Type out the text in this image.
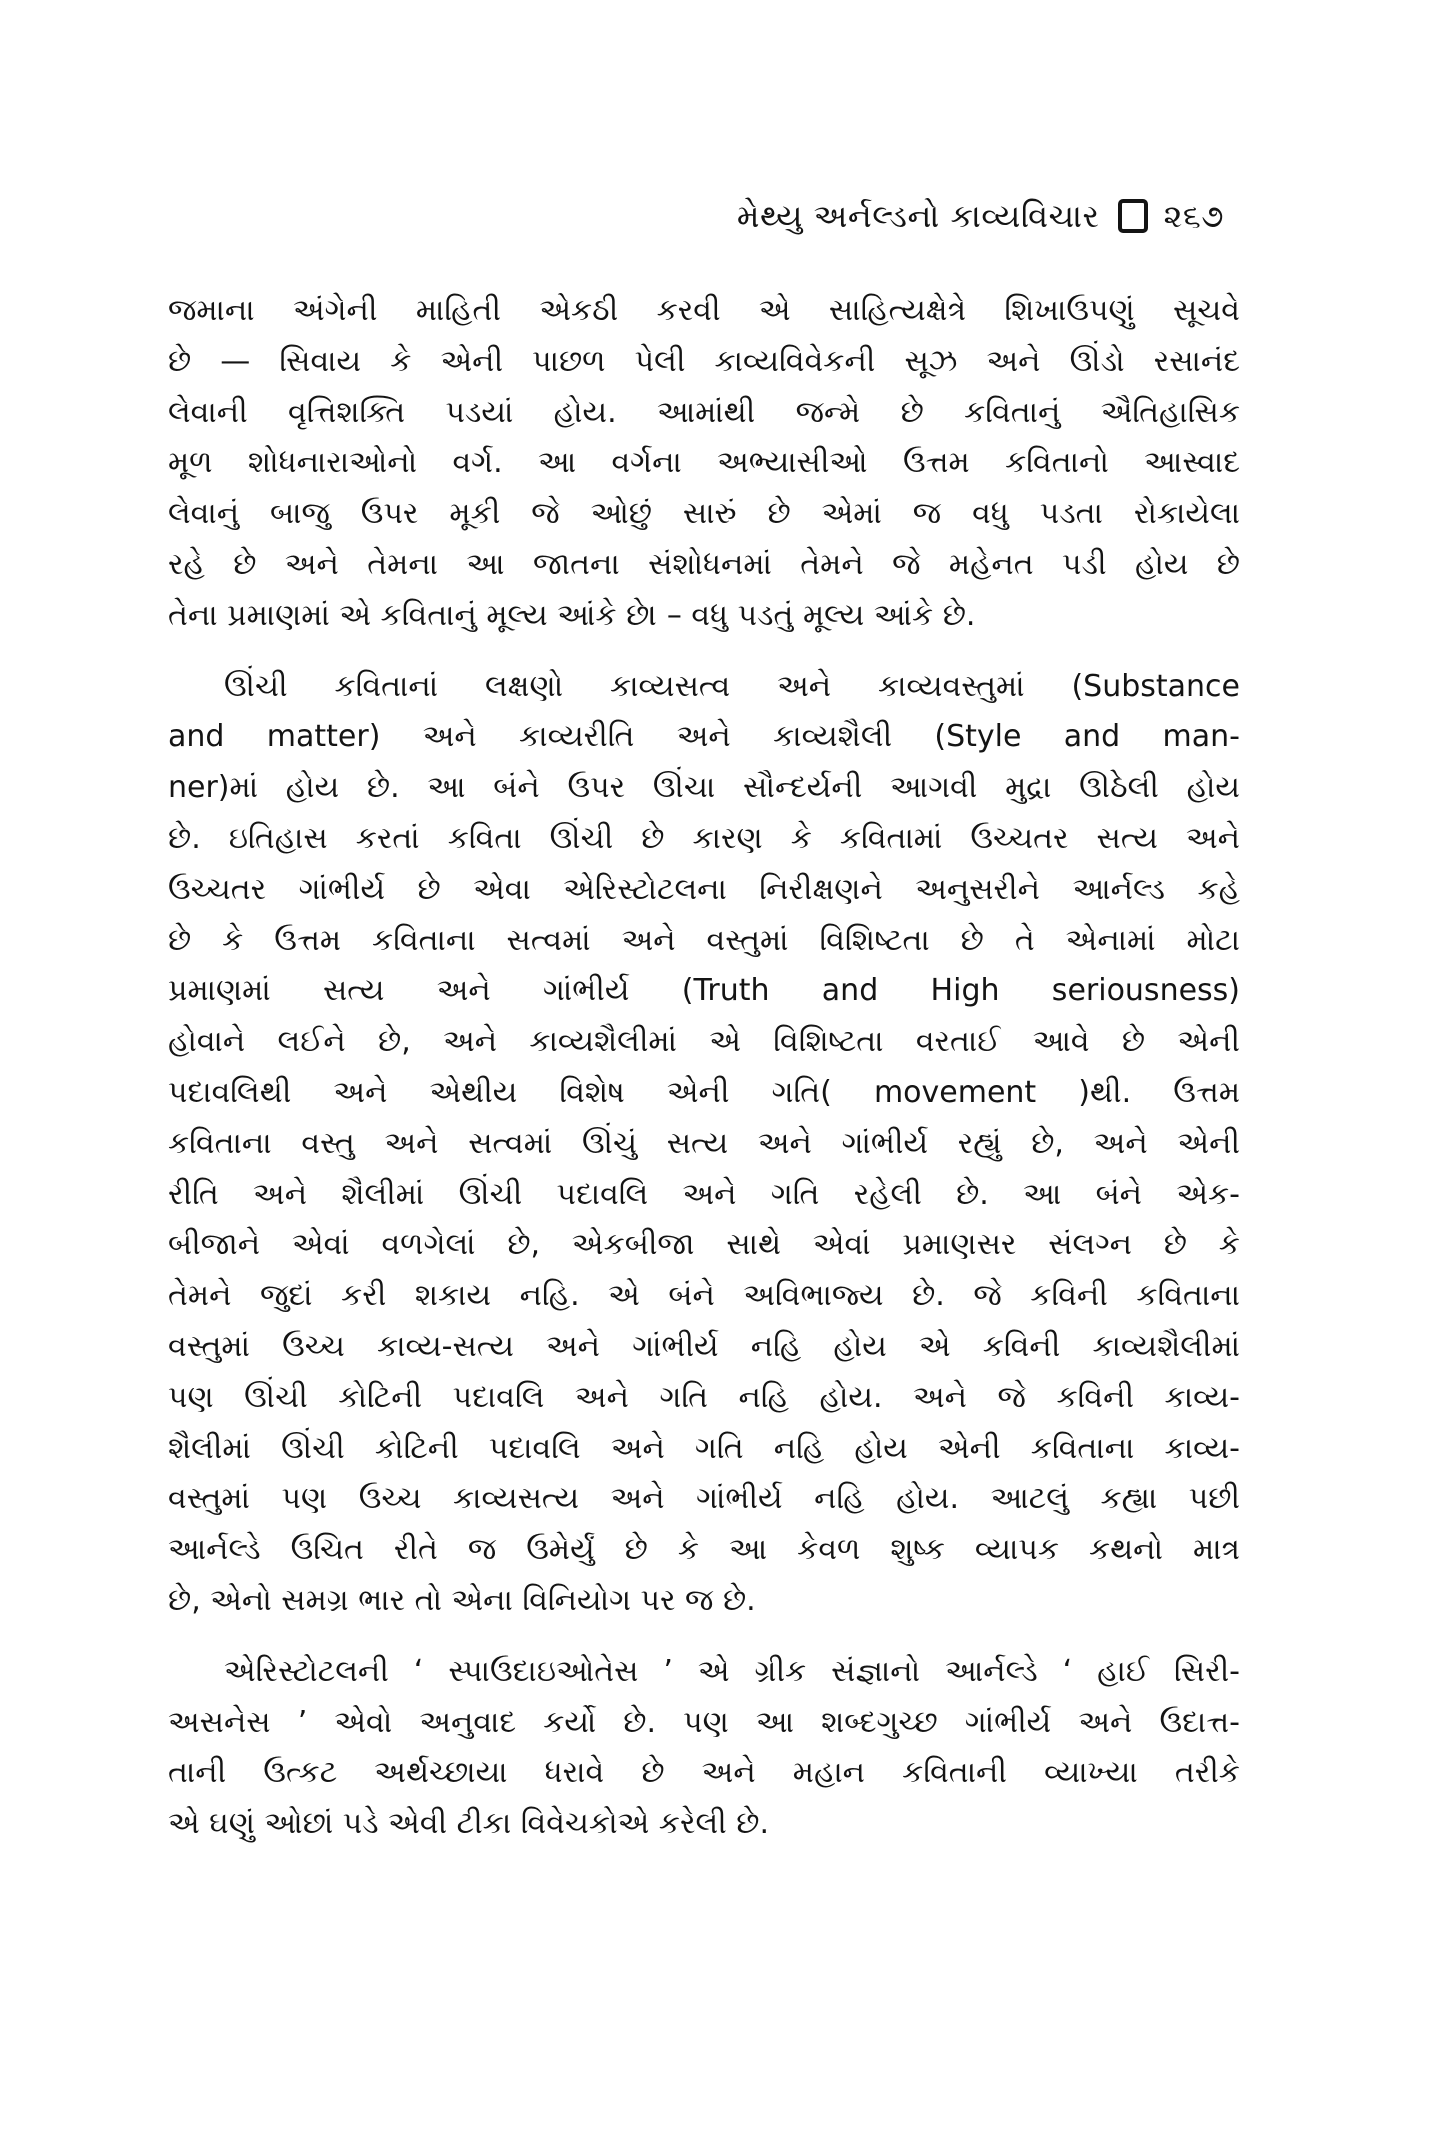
મેથ્યુ અર્નલ્ડનો કાવ્યવિચાર ૨૬૭

જમાના અંગેની માહિતી એકઠી કરવી એ સાહિત્યક્ષેત્રે શિખાઉપણું સૂચવે
છે — સિવાય કે એની પાછળ પેલી કાવ્યવિવેકની સૂઝ અને ઊંડો રસાનંદ
લેવાની વૃત્તિશક્તિ પડયાં હોય. આમાંથી જન્મે છે કવિતાનું ઐતિહાસિક
મૂળ શોધનારાઓનો વર્ગ. આ વર્ગના અભ્યાસીઓ ઉત્તમ કવિતાનો આસ્વાદ
લેવાનું બાજુ ઉપર મૂકી જે ઓછું સારું છે એમાં જ વધુ પડતા રોકાયેલા
રહે છે અને તેમના આ જાતના સંશોધનમાં તેમને જે મહેનત પડી હોય છે
તેના પ્રમાણમાં એ કવિતાનું મૂલ્ય આંકે છે। – વધુ પડતું મૂલ્ય આંકે છે.

ઊંચી કવિતાનાં લક્ષણો કાવ્યસત્વ અને કાવ્યવસ્તુમાં (Substance
and matter) અને કાવ્યરીતિ અને કાવ્યશૈલી (Style and man-
ner)માં હોય છે. આ બંને ઉપર ઊંચા સૌન્દર્યની આગવી મુદ્રા ઊઠેલી હોય
છે. ઇતિહાસ કરતાં કવિતા ઊંચી છે કારણ કે કવિતામાં ઉચ્ચતર સત્ય અને
ઉચ્ચતર ગાંભીર્ય છે એવા એરિસ્ટોટલના નિરીક્ષણને અનુસરીને આર્નલ્ડ કહે
છે કે ઉત્તમ કવિતાના સત્વમાં અને વસ્તુમાં વિશિષ્ટતા છે તે એનામાં મોટા
પ્રમાણમાં સત્ય અને ગાંભીર્ય (Truth and High seriousness)
હોવાને લઈને છે, અને કાવ્યશૈલીમાં એ વિશિષ્ટતા વરતાઈ આવે છે એની
પદાવલિથી અને એથીય વિશેષ એની ગતિ( movement )થી. ઉત્તમ
કવિતાના વસ્તુ અને સત્વમાં ઊંચું સત્ય અને ગાંભીર્ય રહ્યું છે, અને એની
રીતિ અને શૈલીમાં ઊંચી પદાવલિ અને ગતિ રહેલી છે. આ બંને એક-
બીજાને એવાં વળગેલાં છે, એકબીજા સાથે એવાં પ્રમાણસર સંલગ્ન છે કે
તેમને જુદાં કરી શકાય નહિ. એ બંને અવિભાજ્ય છે. જે કવિની કવિતાના
વસ્તુમાં ઉચ્ચ કાવ્ય-સત્ય અને ગાંભીર્ય નહિ હોય એ કવિની કાવ્યશૈલીમાં
પણ ઊંચી કોટિની પદાવલિ અને ગતિ નહિ હોય. અને જે કવિની કાવ્ય-
શૈલીમાં ઊંચી કોટિની પદાવલિ અને ગતિ નહિ હોય એની કવિતાના કાવ્ય-
વસ્તુમાં પણ ઉચ્ચ કાવ્યસત્ય અને ગાંભીર્ય નહિ હોય. આટલું કહ્યા પછી
આર્નલ્ડે ઉચિત રીતે જ ઉમેર્યું છે કે આ કેવળ શુષ્ક વ્યાપક કથનો માત્ર
છે, એનો સમગ્ર ભાર તો એના વિનિયોગ પર જ છે.

એરિસ્ટોટલની ‘ સ્પાઉદાઇઓતેસ ’ એ ગ્રીક સંજ્ઞાનો આર્નલ્ડે ‘ હાઈ સિરી-
અસનેસ ’ એવો અનુવાદ કર્યો છે. પણ આ શબ્દગુચ્છ ગાંભીર્ય અને ઉદાત્ત-
તાની ઉત્કટ અર્થચ્છાયા ધરાવે છે અને મહાન કવિતાની વ્યાખ્યા તરીકે
એ ઘણું ઓછાં પડે એવી ટીકા વિવેચકોએ કરેલી છે.
